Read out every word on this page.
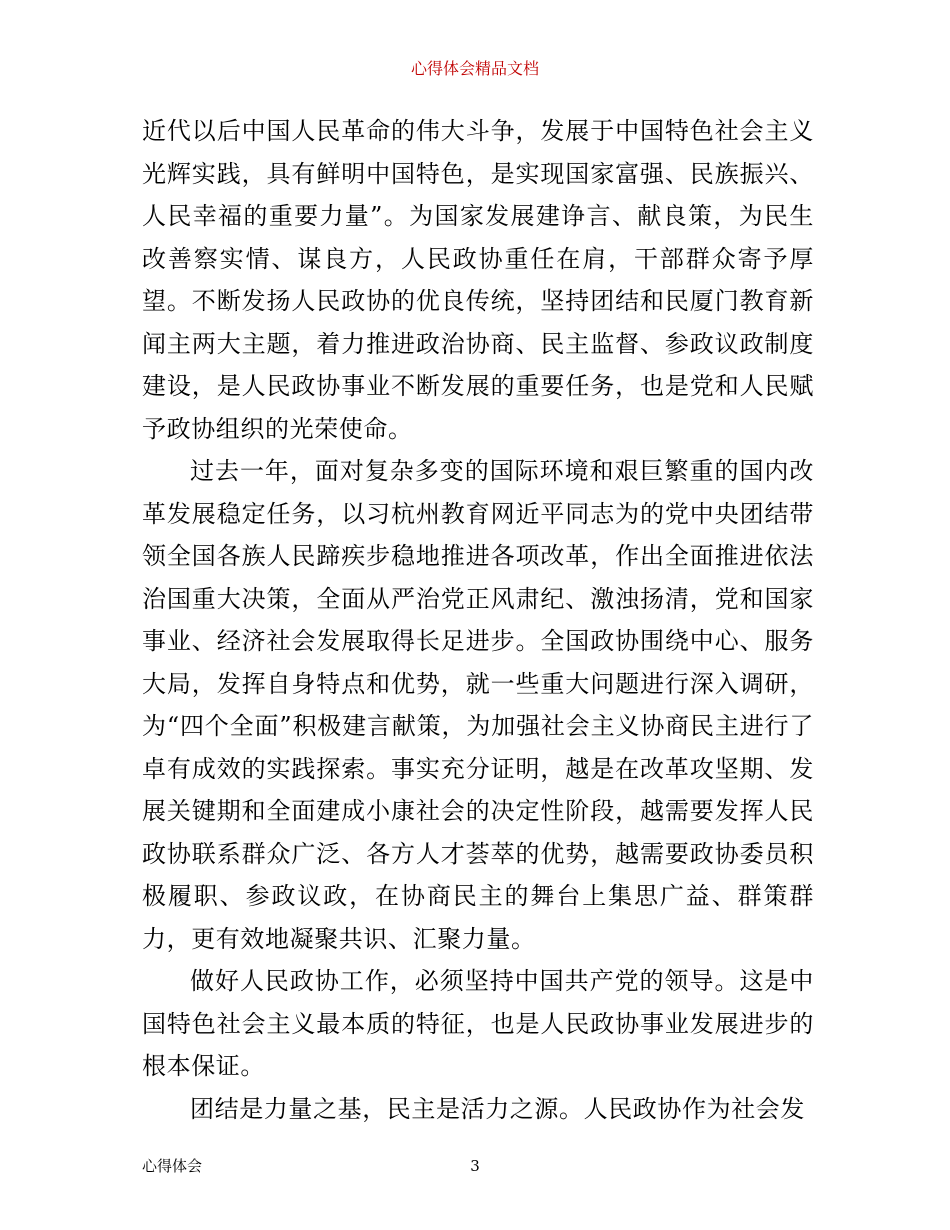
心得体会精品文档

近代以后中国人民革命的伟大斗争，发展于中国特色社会主义光辉实践，具有鲜明中国特色，是实现国家富强、民族振兴、人民幸福的重要力量”。为国家发展建诤言、献良策，为民生改善察实情、谋良方，人民政协重任在肩，干部群众寄予厚望。不断发扬人民政协的优良传统，坚持团结和民厦门教育新闻主两大主题，着力推进政治协商、民主监督、参政议政制度建设，是人民政协事业不断发展的重要任务，也是党和人民赋予政协组织的光荣使命。

过去一年，面对复杂多变的国际环境和艰巨繁重的国内改革发展稳定任务，以习杭州教育网近平同志为的党中央团结带领全国各族人民蹄疾步稳地推进各项改革，作出全面推进依法治国重大决策，全面从严治党正风肃纪、激浊扬清，党和国家事业、经济社会发展取得长足进步。全国政协围绕中心、服务大局，发挥自身特点和优势，就一些重大问题进行深入调研，为“四个全面”积极建言献策，为加强社会主义协商民主进行了卓有成效的实践探索。事实充分证明，越是在改革攻坚期、发展关键期和全面建成小康社会的决定性阶段，越需要发挥人民政协联系群众广泛、各方人才荟萃的优势，越需要政协委员积极履职、参政议政，在协商民主的舞台上集思广益、群策群力，更有效地凝聚共识、汇聚力量。

做好人民政协工作，必须坚持中国共产党的领导。这是中国特色社会主义最本质的特征，也是人民政协事业发展进步的根本保证。

团结是力量之基，民主是活力之源。人民政协作为社会发

心得体会	3
